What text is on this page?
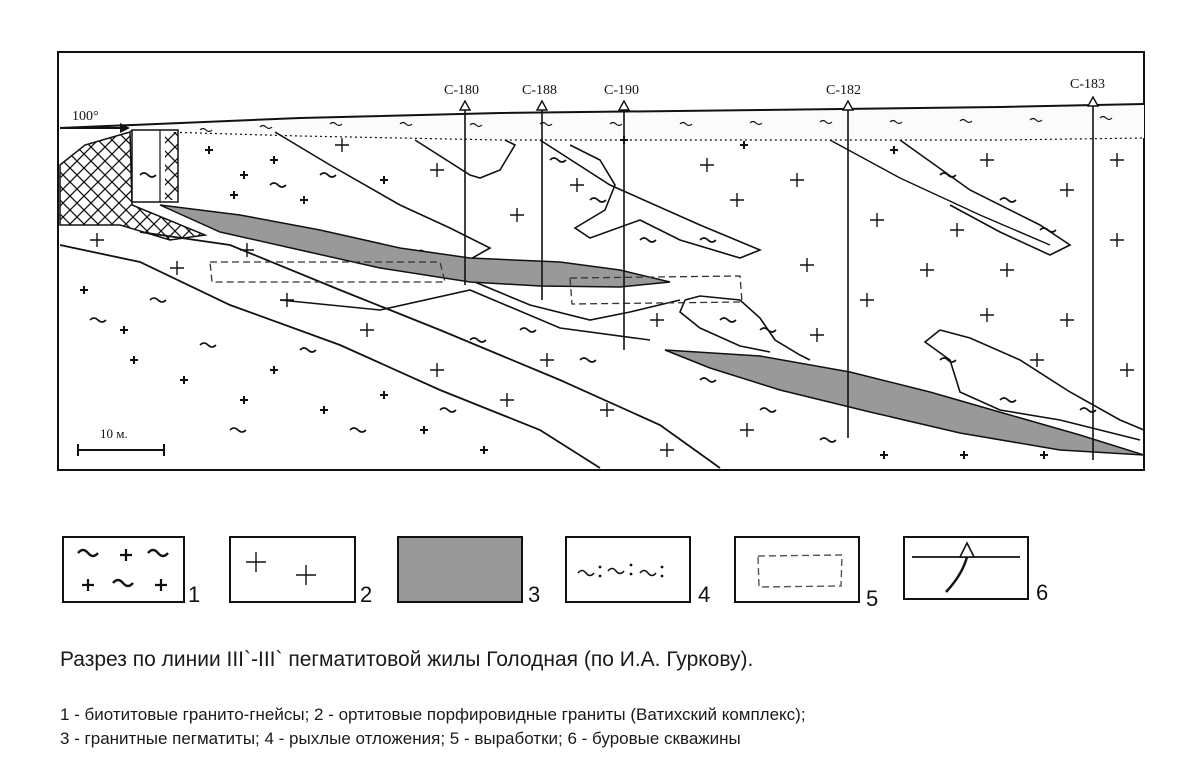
100°
С-180	С-188	С-190	С-182	С-183
10 м.
1	2	3	4	5	6
Разрез по линии III`-III` пегматитовой жилы Голодная (по И.А. Гуркову).
1 - биотитовые гранито-гнейсы; 2 - ортитовые порфировидные граниты (Ватихский комплекс);
3 - гранитные пегматиты; 4 - рыхлые отложения; 5 - выработки; 6 - буровые скважины
